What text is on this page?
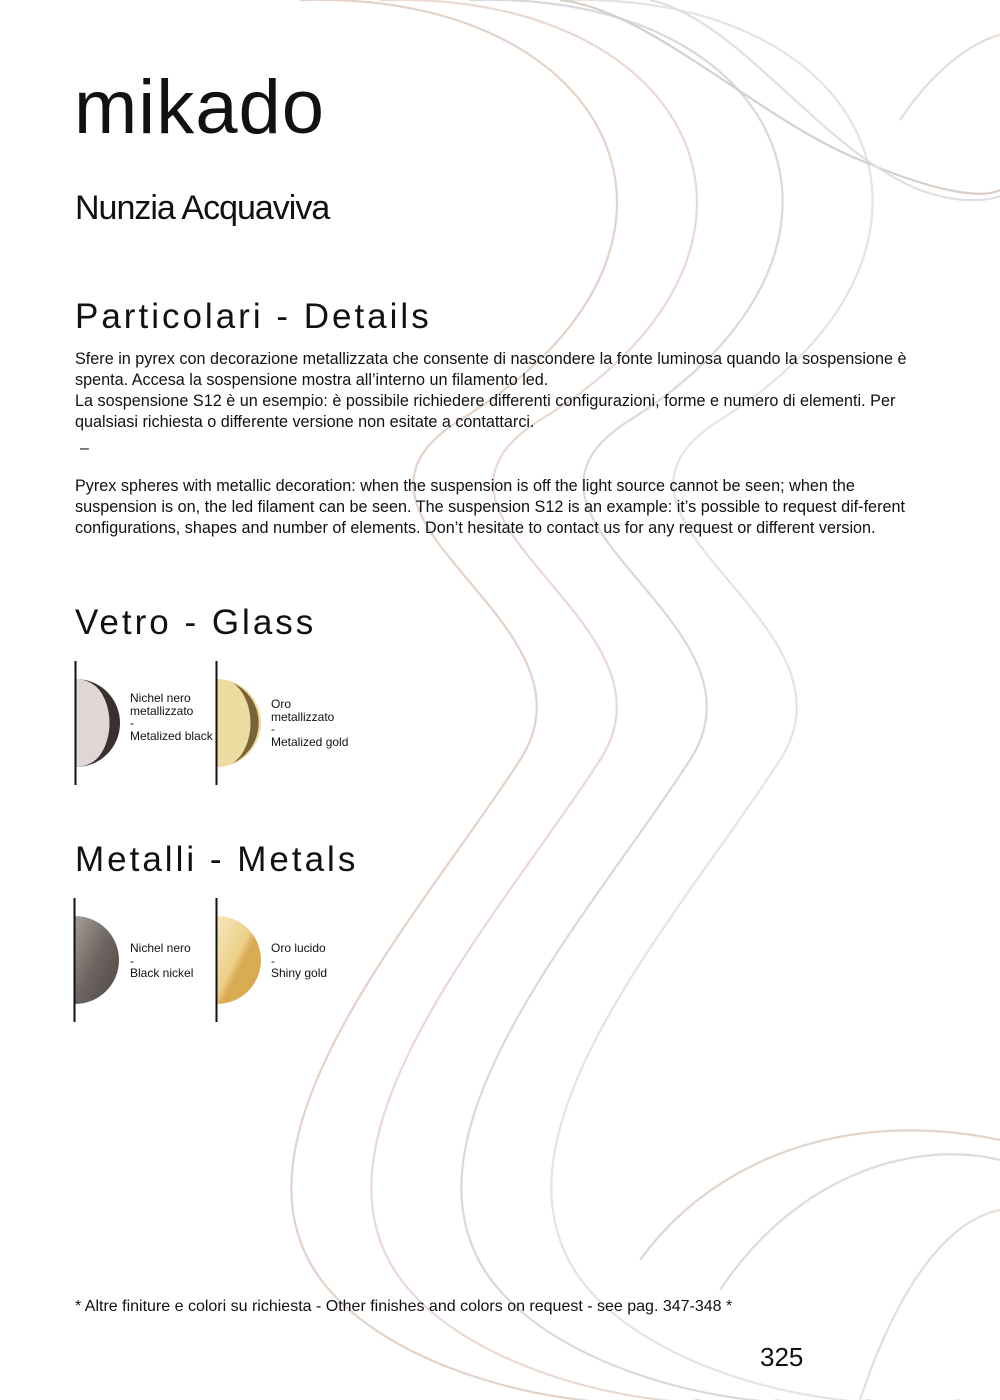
mikado
Nunzia Acquaviva
Particolari - Details

Sfere in pyrex con decorazione metallizzata che consente di nascondere la fonte luminosa quando la sospensione è spenta. Accesa la sospensione mostra all’interno un filamento led.
La sospensione S12 è un esempio: è possibile richiedere differenti configurazioni, forme e numero di elementi. Per qualsiasi richiesta o differente versione non esitate a contattarci.

–

Pyrex spheres with metallic decoration: when the suspension is off the light source cannot be seen; when the suspension is on, the led filament can be seen. The suspension S12 is an example: it’s possible to request dif-ferent configurations, shapes and number of elements. Don’t hesitate to contact us for any request or different version.

Vetro - Glass
Nichel nero
metallizzato
-
Metalized black
Oro
metallizzato
-
Metalized gold
Metalli - Metals
Nichel nero
-
Black nickel
Oro lucido
-
Shiny gold
* Altre finiture e colori su richiesta - Other finishes and colors on request - see pag. 347-348 *
325
